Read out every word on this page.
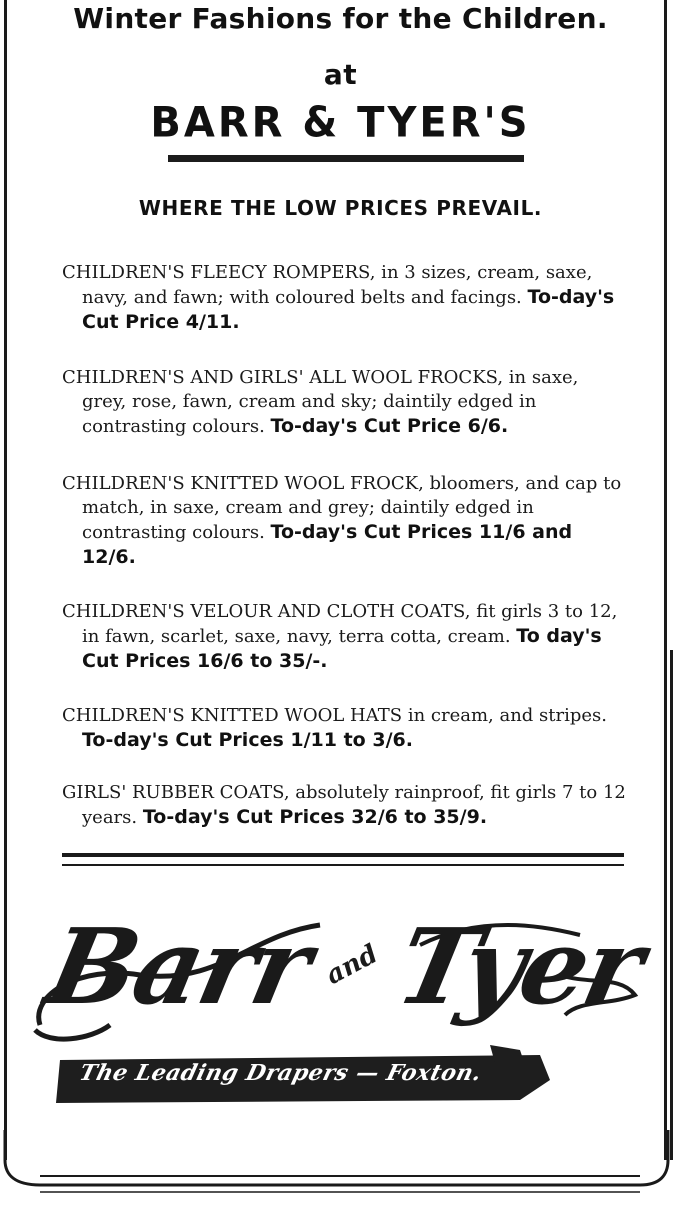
Winter Fashions for the Children.
at
BARR & TYER'S
WHERE THE LOW PRICES PREVAIL.
CHILDREN'S FLEECY ROMPERS, in 3 sizes, cream, saxe, navy, and fawn; with coloured belts and facings. To-day's Cut Price 4/11.
CHILDREN'S AND GIRLS' ALL WOOL FROCKS, in saxe, grey, rose, fawn, cream and sky; daintily edged in contrasting colours. To-day's Cut Price 6/6.
CHILDREN'S KNITTED WOOL FROCK, bloomers, and cap to match, in saxe, cream and grey; daintily edged in contrasting colours. To-day's Cut Prices 11/6 and 12/6.
CHILDREN'S VELOUR AND CLOTH COATS, fit girls 3 to 12, in fawn, scarlet, saxe, navy, terra cotta, cream. To day's Cut Prices 16/6 to 35/-.
CHILDREN'S KNITTED WOOL HATS in cream, and stripes. To-day's Cut Prices 1/11 to 3/6.
GIRLS' RUBBER COATS, absolutely rainproof, fit girls 7 to 12 years. To-day's Cut Prices 32/6 to 35/9.
Barr and Tyer
The Leading Drapers — Foxton.
